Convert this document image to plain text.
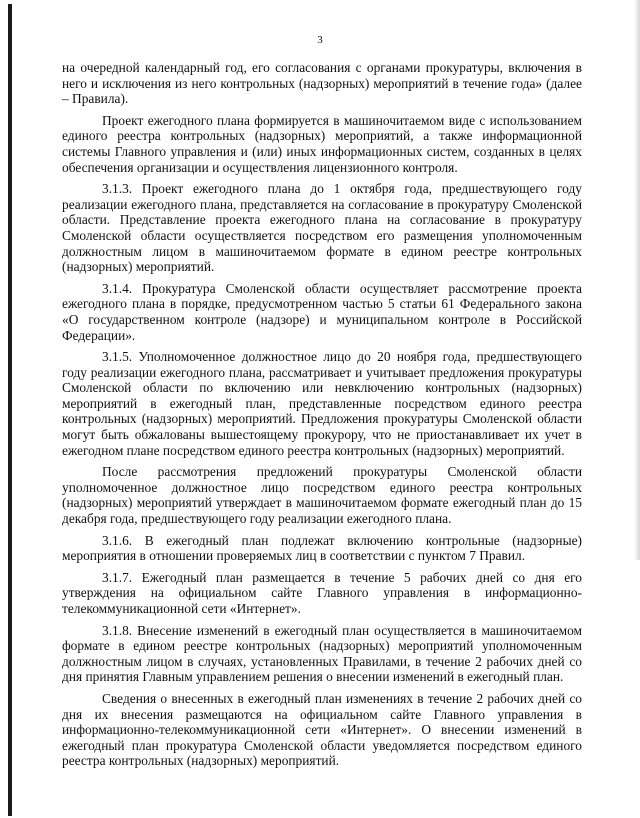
3

на очередной календарный год, его согласования с органами прокуратуры, включения в него и исключения из него контрольных (надзорных) мероприятий в течение года» (далее – Правила).

Проект ежегодного плана формируется в машиночитаемом виде с использованием единого реестра контрольных (надзорных) мероприятий, а также информационной системы Главного управления и (или) иных информационных систем, созданных в целях обеспечения организации и осуществления лицензионного контроля.

3.1.3. Проект ежегодного плана до 1 октября года, предшествующего году реализации ежегодного плана, представляется на согласование в прокуратуру Смоленской области. Представление проекта ежегодного плана на согласование в прокуратуру Смоленской области осуществляется посредством его размещения уполномоченным должностным лицом в машиночитаемом формате в едином реестре контрольных (надзорных) мероприятий.

3.1.4. Прокуратура Смоленской области осуществляет рассмотрение проекта ежегодного плана в порядке, предусмотренном частью 5 статьи 61 Федерального закона «О государственном контроле (надзоре) и муниципальном контроле в Российской Федерации».

3.1.5. Уполномоченное должностное лицо до 20 ноября года, предшествующего году реализации ежегодного плана, рассматривает и учитывает предложения прокуратуры Смоленской области по включению или невключению контрольных (надзорных) мероприятий в ежегодный план, представленные посредством единого реестра контрольных (надзорных) мероприятий. Предложения прокуратуры Смоленской области могут быть обжалованы вышестоящему прокурору, что не приостанавливает их учет в ежегодном плане посредством единого реестра контрольных (надзорных) мероприятий.

После рассмотрения предложений прокуратуры Смоленской области уполномоченное должностное лицо посредством единого реестра контрольных (надзорных) мероприятий утверждает в машиночитаемом формате ежегодный план до 15 декабря года, предшествующего году реализации ежегодного плана.

3.1.6. В ежегодный план подлежат включению контрольные (надзорные) мероприятия в отношении проверяемых лиц в соответствии с пунктом 7 Правил.

3.1.7. Ежегодный план размещается в течение 5 рабочих дней со дня его утверждения на официальном сайте Главного управления в информационно-телекоммуникационной сети «Интернет».

3.1.8. Внесение изменений в ежегодный план осуществляется в машиночитаемом формате в едином реестре контрольных (надзорных) мероприятий уполномоченным должностным лицом в случаях, установленных Правилами, в течение 2 рабочих дней со дня принятия Главным управлением решения о внесении изменений в ежегодный план.

Сведения о внесенных в ежегодный план изменениях в течение 2 рабочих дней со дня их внесения размещаются на официальном сайте Главного управления в информационно-телекоммуникационной сети «Интернет». О внесении изменений в ежегодный план прокуратура Смоленской области уведомляется посредством единого реестра контрольных (надзорных) мероприятий.
